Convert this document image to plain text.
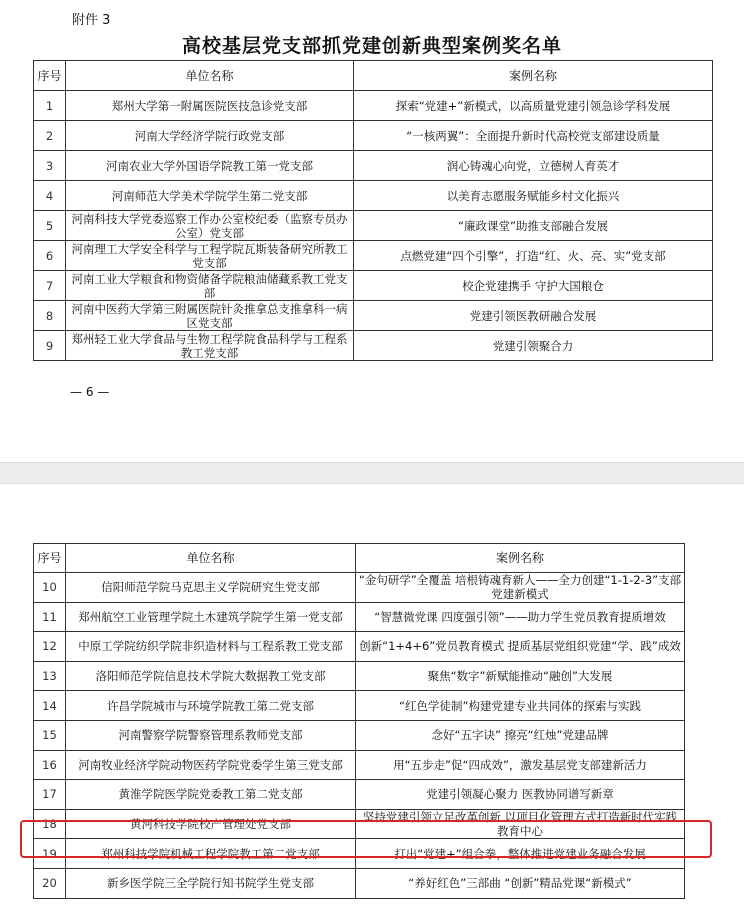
附件 3
高校基层党支部抓党建创新典型案例奖名单
序号	单位名称	案例名称
1	郑州大学第一附属医院医技急诊党支部	探索“党建+”新模式，以高质量党建引领急诊学科发展
2	河南大学经济学院行政党支部	“一核两翼”：全面提升新时代高校党支部建设质量
3	河南农业大学外国语学院教工第一党支部	润心铸魂心向党，立德树人育英才
4	河南师范大学美术学院学生第二党支部	以美育志愿服务赋能乡村文化振兴
5	河南科技大学党委巡察工作办公室校纪委（监察专员办公室）党支部	“廉政课堂”助推支部融合发展
6	河南理工大学安全科学与工程学院瓦斯装备研究所教工党支部	点燃党建“四个引擎”，打造“红、火、亮、实”党支部
7	河南工业大学粮食和物资储备学院粮油储藏系教工党支部	校企党建携手 守护大国粮仓
8	河南中医药大学第三附属医院针灸推拿总支推拿科一病区党支部	党建引领医教研融合发展
9	郑州轻工业大学食品与生物工程学院食品科学与工程系教工党支部	党建引领聚合力
— 6 —
序号	单位名称	案例名称
10	信阳师范学院马克思主义学院研究生党支部	“金句研学”全覆盖 培根铸魂育新人——全力创建“1-1-2-3”支部党建新模式
11	郑州航空工业管理学院土木建筑学院学生第一党支部	“智慧微党课 四度强引领”——助力学生党员教育提质增效
12	中原工学院纺织学院非织造材料与工程系教工党支部	创新“1+4+6”党员教育模式 提质基层党组织党建“学、践”成效
13	洛阳师范学院信息技术学院大数据教工党支部	聚焦“数字”新赋能推动“融创”大发展
14	许昌学院城市与环境学院教工第二党支部	“红色学徒制”构建党建专业共同体的探索与实践
15	河南警察学院警察管理系教师党支部	念好“五字诀” 擦亮“红烛”党建品牌
16	河南牧业经济学院动物医药学院党委学生第三党支部	用“五步走”促“四成效”，激发基层党支部建新活力
17	黄淮学院医学院党委教工第二党支部	党建引领凝心聚力 医教协同谱写新章
18	黄河科技学院校产管理处党支部	坚持党建引领立足改革创新 以项目化管理方式打造新时代实践教育中心
19	郑州科技学院机械工程学院教工第二党支部	打出“党建+”组合拳，整体推进党建业务融合发展
20	新乡医学院三全学院行知书院学生党支部	“养好红色”三部曲 “创新”精品党课“新模式”
